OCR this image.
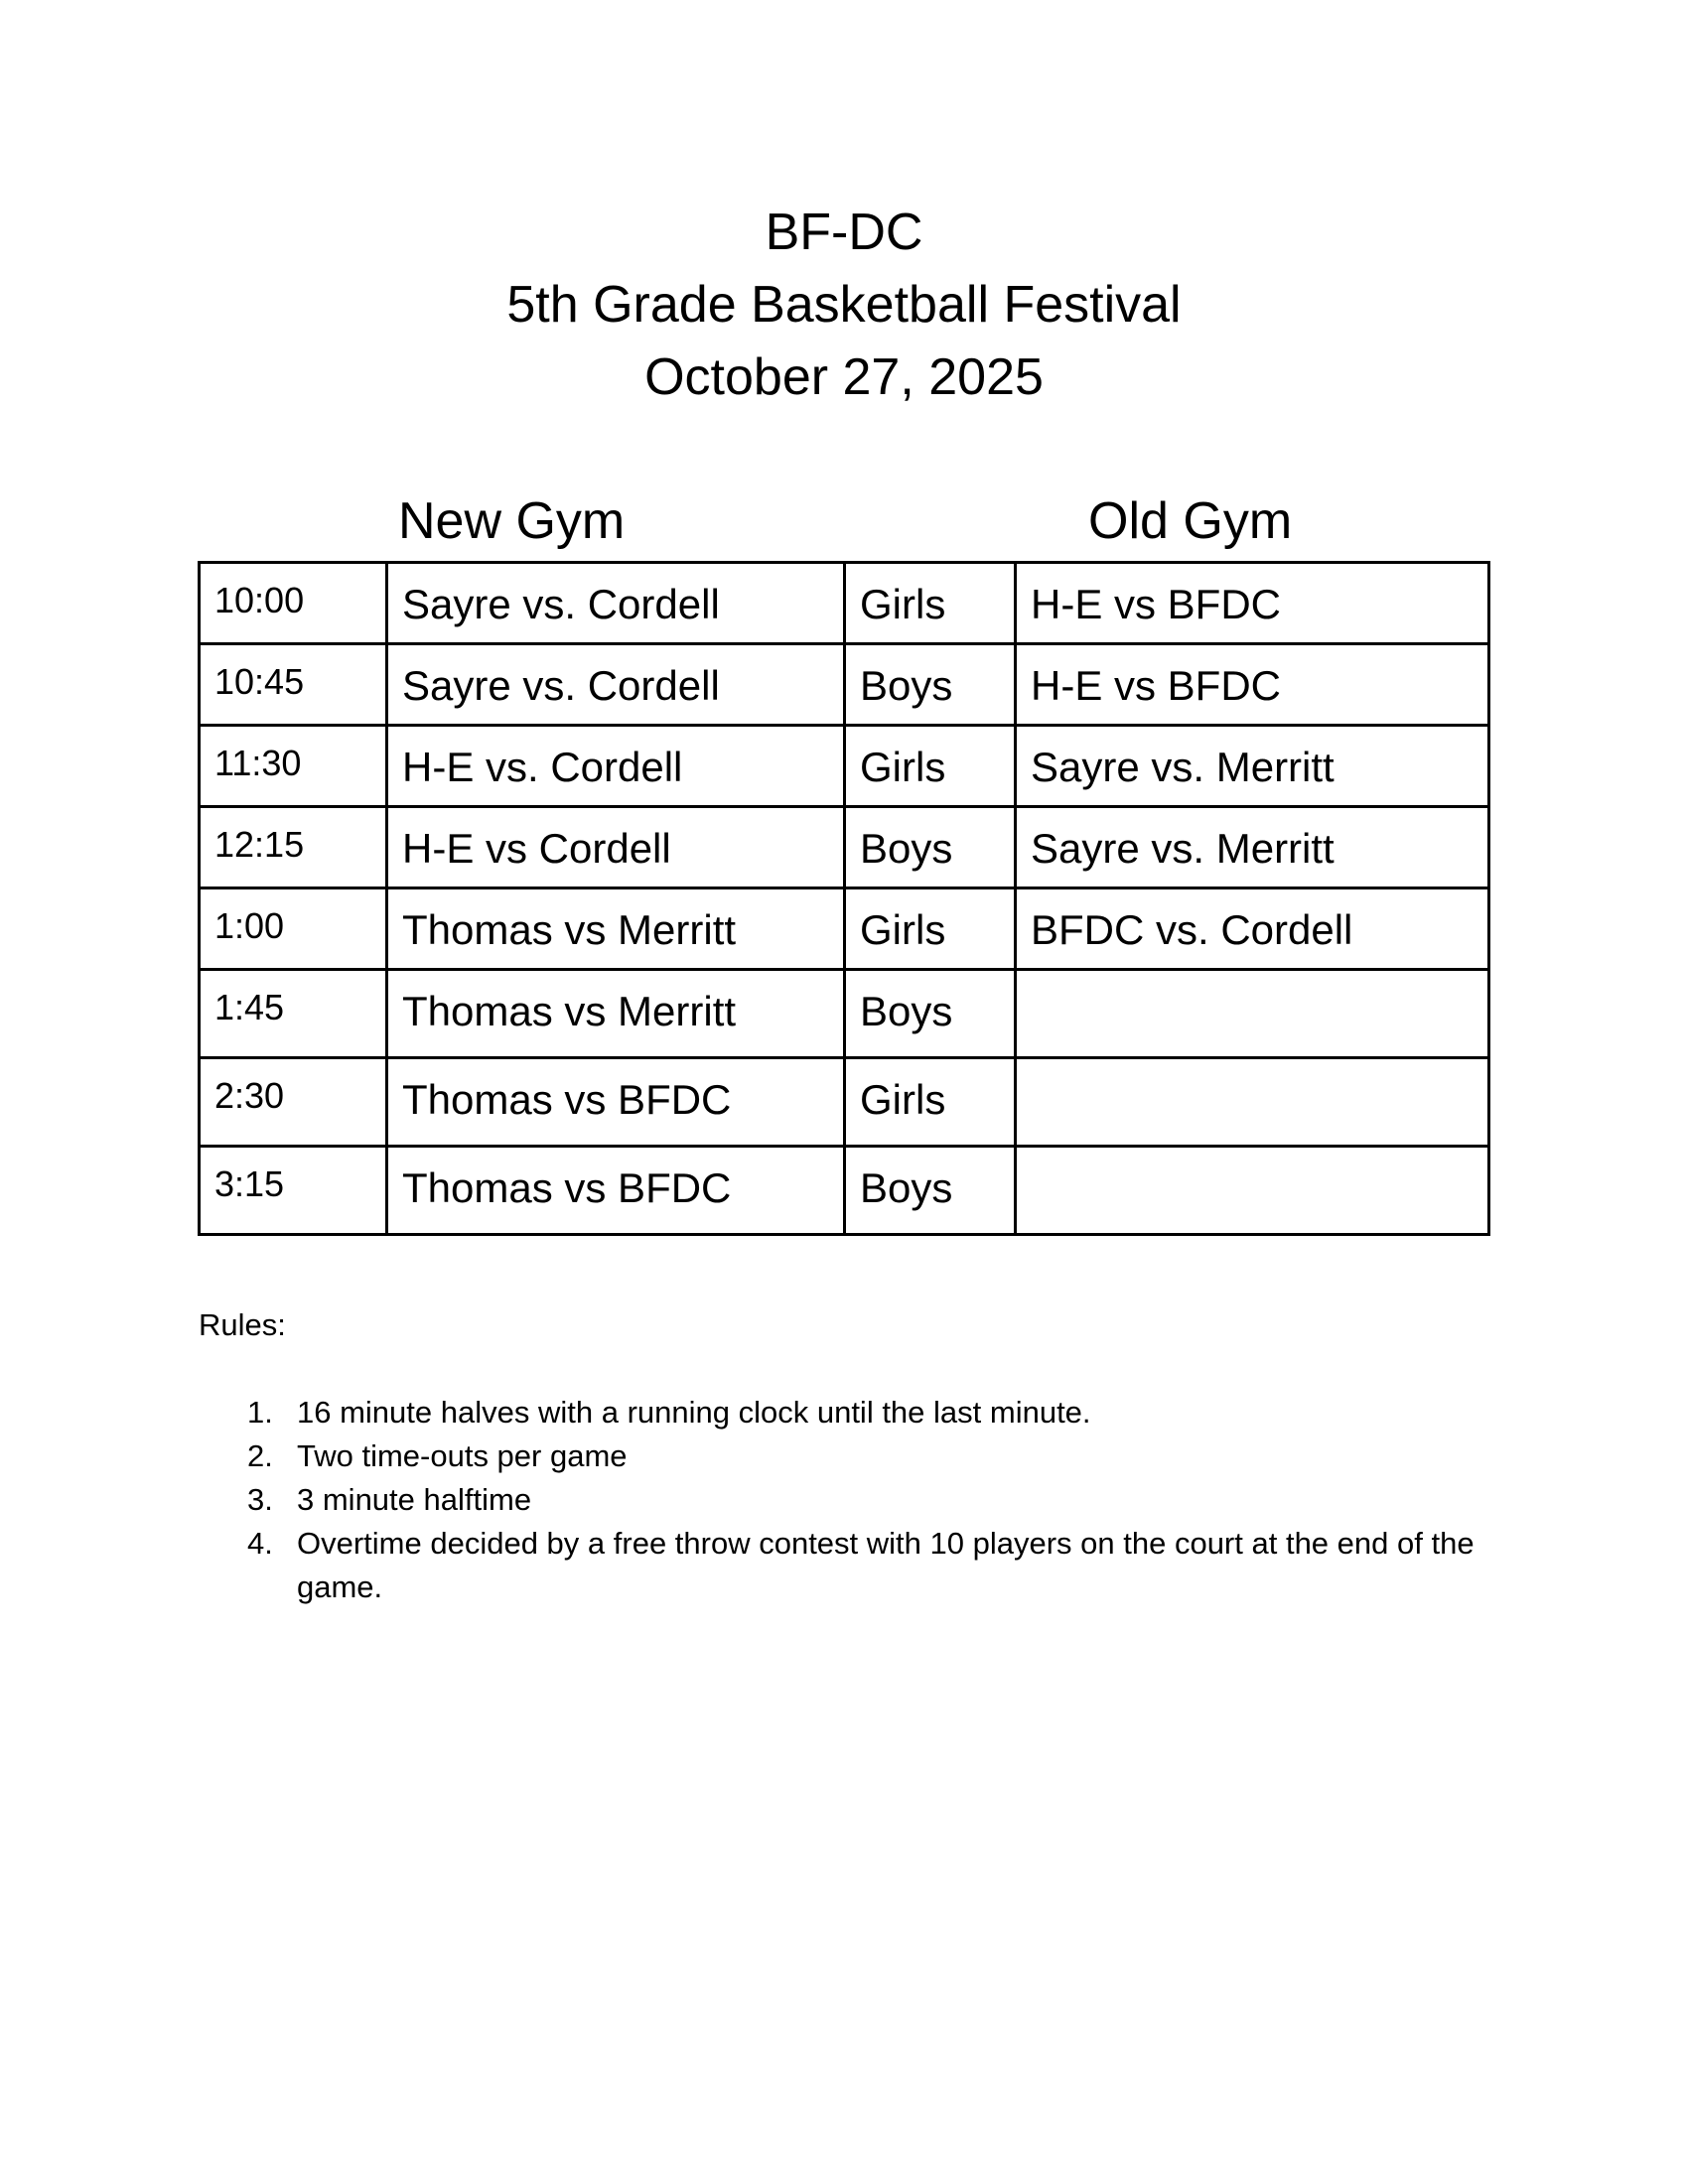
BF-DC
5th Grade Basketball Festival
October 27, 2025
New Gym	Old Gym
10:00	Sayre vs. Cordell	Girls	H-E vs BFDC

10:45	Sayre vs. Cordell	Boys	H-E vs BFDC

11:30	H-E vs. Cordell	Girls	Sayre vs. Merritt

12:15	H-E vs Cordell	Boys	Sayre vs. Merritt

1:00	Thomas vs Merritt	Girls	BFDC vs. Cordell

1:45	Thomas vs Merritt	Boys	

2:30	Thomas vs BFDC	Girls	

3:15	Thomas vs BFDC	Boys	

Rules:
1. 16 minute halves with a running clock until the last minute.
2. Two time-outs per game
3. 3 minute halftime
4. Overtime decided by a free throw contest with 10 players on the court at the end of the game.
